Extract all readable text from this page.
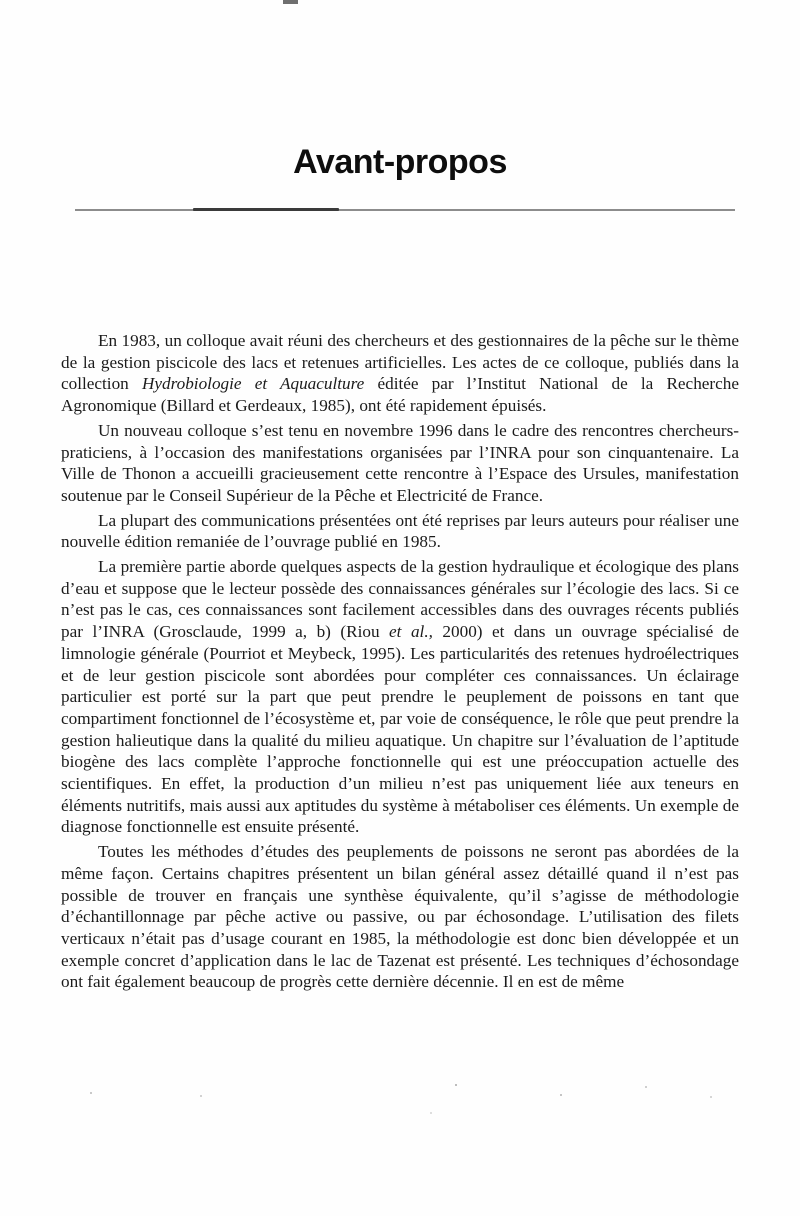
Avant-propos

En 1983, un colloque avait réuni des chercheurs et des gestionnaires de la pêche sur le thème de la gestion piscicole des lacs et retenues artificielles. Les actes de ce colloque, publiés dans la collection Hydrobiologie et Aquaculture éditée par l’Institut National de la Recherche Agronomique (Billard et Gerdeaux, 1985), ont été rapidement épuisés.

Un nouveau colloque s’est tenu en novembre 1996 dans le cadre des rencontres chercheurs-praticiens, à l’occasion des manifestations organisées par l’INRA pour son cinquantenaire. La Ville de Thonon a accueilli gracieusement cette rencontre à l’Espace des Ursules, manifestation soutenue par le Conseil Supérieur de la Pêche et Electricité de France.

La plupart des communications présentées ont été reprises par leurs auteurs pour réaliser une nouvelle édition remaniée de l’ouvrage publié en 1985.

La première partie aborde quelques aspects de la gestion hydraulique et écologique des plans d’eau et suppose que le lecteur possède des connaissances générales sur l’écologie des lacs. Si ce n’est pas le cas, ces connaissances sont facilement accessibles dans des ouvrages récents publiés par l’INRA (Grosclaude, 1999 a, b) (Riou et al., 2000) et dans un ouvrage spécialisé de limnologie générale (Pourriot et Meybeck, 1995). Les particularités des retenues hydroélectriques et de leur gestion piscicole sont abordées pour compléter ces connaissances. Un éclairage particulier est porté sur la part que peut prendre le peuplement de poissons en tant que compartiment fonctionnel de l’écosystème et, par voie de conséquence, le rôle que peut prendre la gestion halieutique dans la qualité du milieu aquatique. Un chapitre sur l’évaluation de l’aptitude biogène des lacs complète l’approche fonctionnelle qui est une préoccupation actuelle des scientifiques. En effet, la production d’un milieu n’est pas uniquement liée aux teneurs en éléments nutritifs, mais aussi aux aptitudes du système à métaboliser ces éléments. Un exemple de diagnose fonctionnelle est ensuite présenté.

Toutes les méthodes d’études des peuplements de poissons ne seront pas abordées de la même façon. Certains chapitres présentent un bilan général assez détaillé quand il n’est pas possible de trouver en français une synthèse équivalente, qu’il s’agisse de méthodologie d’échantillonnage par pêche active ou passive, ou par échosondage. L’utilisation des filets verticaux n’était pas d’usage courant en 1985, la méthodologie est donc bien développée et un exemple concret d’application dans le lac de Tazenat est présenté. Les techniques d’échosondage ont fait également beaucoup de progrès cette dernière décennie. Il en est de même
